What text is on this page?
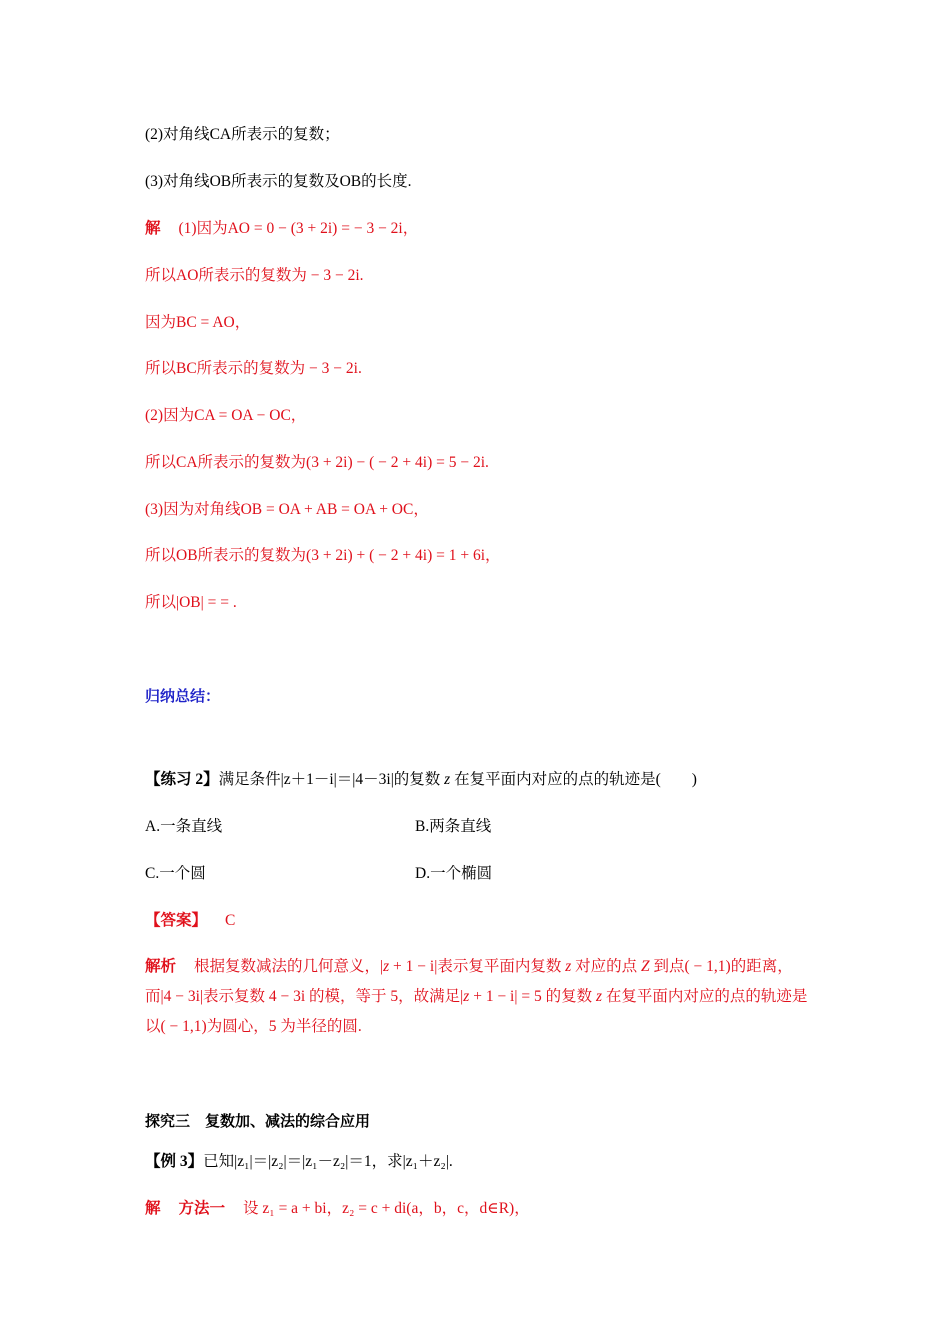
(2)对角线CA所表示的复数；
(3)对角线OB所表示的复数及OB的长度.
解 (1)因为AO = 0 − (3 + 2i) = − 3 − 2i，
所以AO所表示的复数为 − 3 − 2i.
因为BC = AO，
所以BC所表示的复数为 − 3 − 2i.
(2)因为CA = OA − OC，
所以CA所表示的复数为(3 + 2i) − ( − 2 + 4i) = 5 − 2i.
(3)因为对角线OB = OA + AB = OA + OC，
所以OB所表示的复数为(3 + 2i) + ( − 2 + 4i) = 1 + 6i，
所以|OB| = = .
归纳总结：
【练习 2】满足条件|z＋1－i|＝|4－3i|的复数 z 在复平面内对应的点的轨迹是(　　)
A.一条直线	B.两条直线
C.一个圆	D.一个椭圆
【答案】 C
解析 根据复数减法的几何意义，|z + 1 − i|表示复平面内复数 z 对应的点 Z 到点( − 1,1)的距离，而|4 − 3i|表示复数 4 − 3i 的模，等于 5，故满足|z + 1 − i| = 5 的复数 z 在复平面内对应的点的轨迹是以( − 1,1)为圆心，5 为半径的圆.
探究三　复数加、减法的综合应用
【例 3】已知|z₁|＝|z₂|＝|z₁－z₂|＝1，求|z₁＋z₂|.
解 方法一 设 z₁ = a + bi，z₂ = c + di(a，b，c，d∈R)，
